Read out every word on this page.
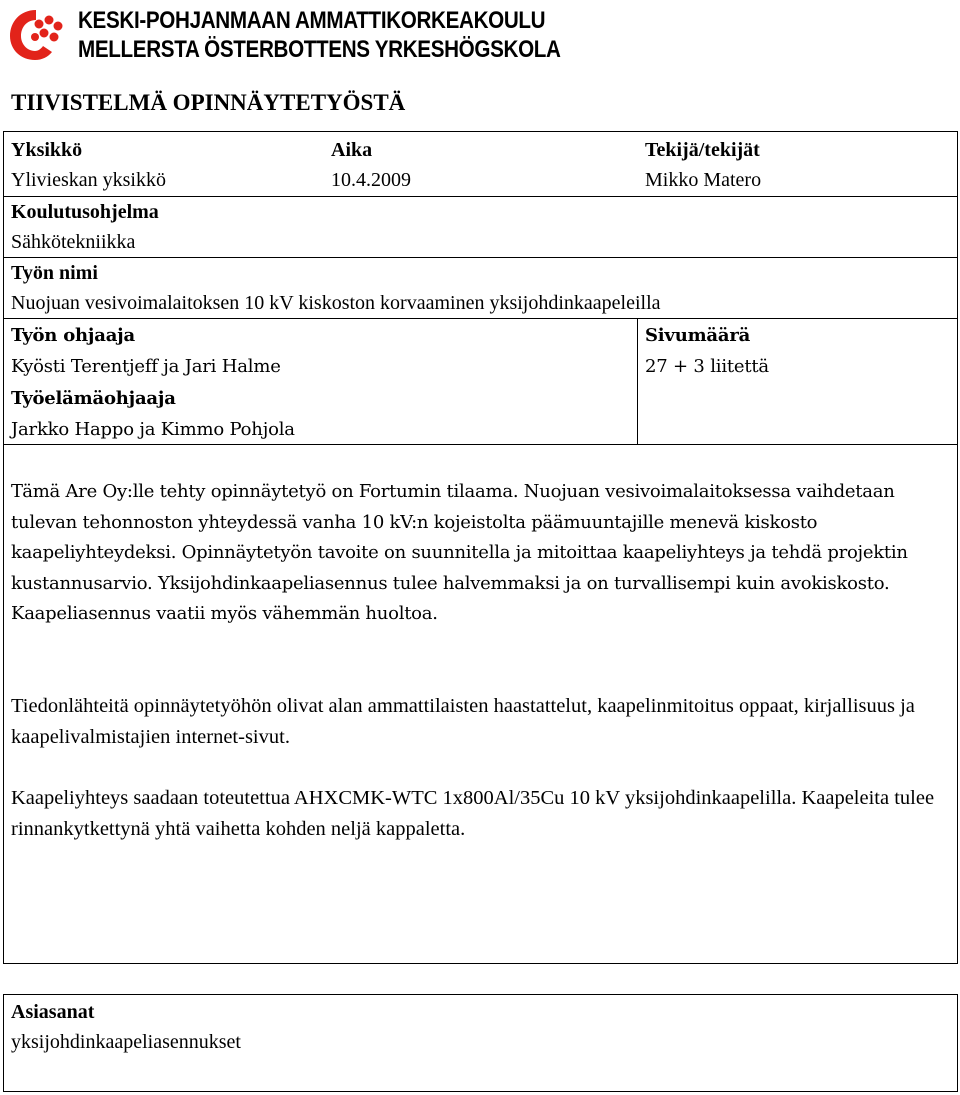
KESKI-POHJANMAAN AMMATTIKORKEAKOULU
MELLERSTA ÖSTERBOTTENS YRKESHÖGSKOLA
TIIVISTELMÄ OPINNÄYTETYÖSTÄ
Yksikkö
Ylivieskan yksikkö
Aika
10.4.2009
Tekijä/tekijät
Mikko Matero
Koulutusohjelma
Sähkötekniikka
Työn nimi
Nuojuan vesivoimalaitoksen 10 kV kiskoston korvaaminen yksijohdinkaapeleilla
Työn ohjaaja
Kyösti Terentjeff ja Jari Halme
Sivumäärä
27 + 3 liitettä
Työelämäohjaaja
Jarkko Happo ja Kimmo Pohjola

Tämä Are Oy:lle tehty opinnäytetyö on Fortumin tilaama. Nuojuan vesivoimalaitoksessa vaihdetaan tulevan tehonnoston yhteydessä vanha 10 kV:n kojeistolta päämuuntajille menevä kiskosto kaapeliyhteydeksi. Opinnäytetyön tavoite on suunnitella ja mitoittaa kaapeliyhteys ja tehdä projektin kustannusarvio. Yksijohdinkaapeliasennus tulee halvemmaksi ja on turvallisempi kuin avokiskosto. Kaapeliasennus vaatii myös vähemmän huoltoa.

Tiedonlähteitä opinnäytetyöhön olivat alan ammattilaisten haastattelut, kaapelinmitoitus oppaat, kirjallisuus ja kaapelivalmistajien internet-sivut.

Kaapeliyhteys saadaan toteutettua AHXCMK-WTC 1x800Al/35Cu 10 kV yksijohdinkaapelilla. Kaapeleita tulee rinnankytkettynä yhtä vaihetta kohden neljä kappaletta.

Asiasanat
yksijohdinkaapeliasennukset
